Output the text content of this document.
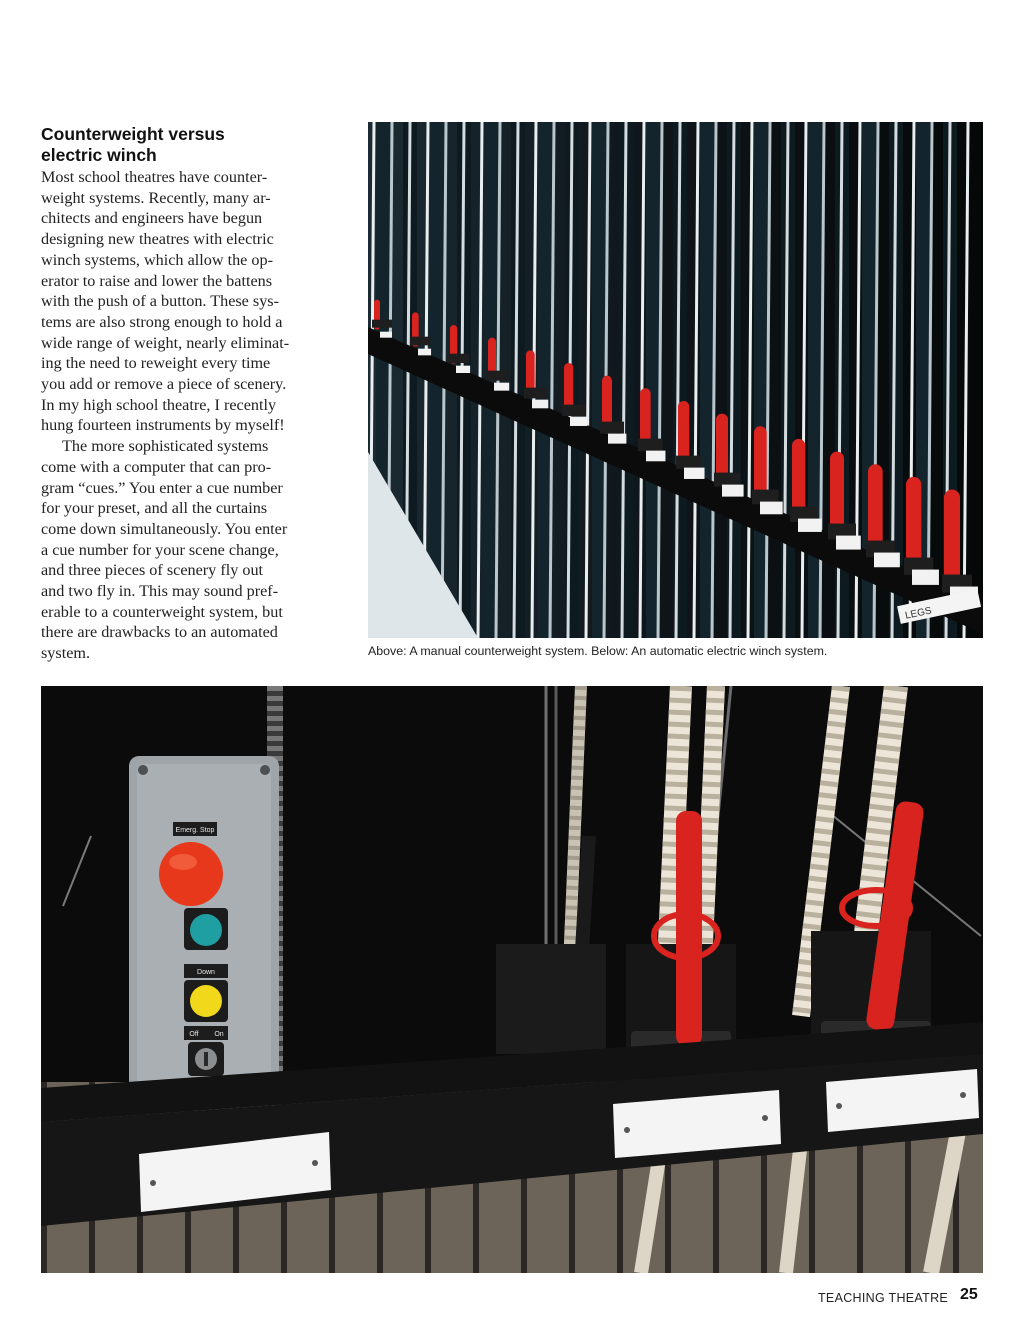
Counterweight versus
electric winch
Most school theatres have counter-
weight systems. Recently, many ar-
chitects and engineers have begun
designing new theatres with electric
winch systems, which allow the op-
erator to raise and lower the battens
with the push of a button. These sys-
tems are also strong enough to hold a
wide range of weight, nearly eliminat-
ing the need to reweight every time
you add or remove a piece of scenery.
In my high school theatre, I recently
hung fourteen instruments by myself!
The more sophisticated systems
come with a computer that can pro-
gram “cues.” You enter a cue number
for your preset, and all the curtains
come down simultaneously. You enter
a cue number for your scene change,
and three pieces of scenery fly out
and two fly in. This may sound pref-
erable to a counterweight system, but
there are drawbacks to an automated
system.
LEGS
Above: A manual counterweight system. Below: An automatic electric winch system.
Emerg. Stop
Down
Off On
TEACHING THEATRE 25
